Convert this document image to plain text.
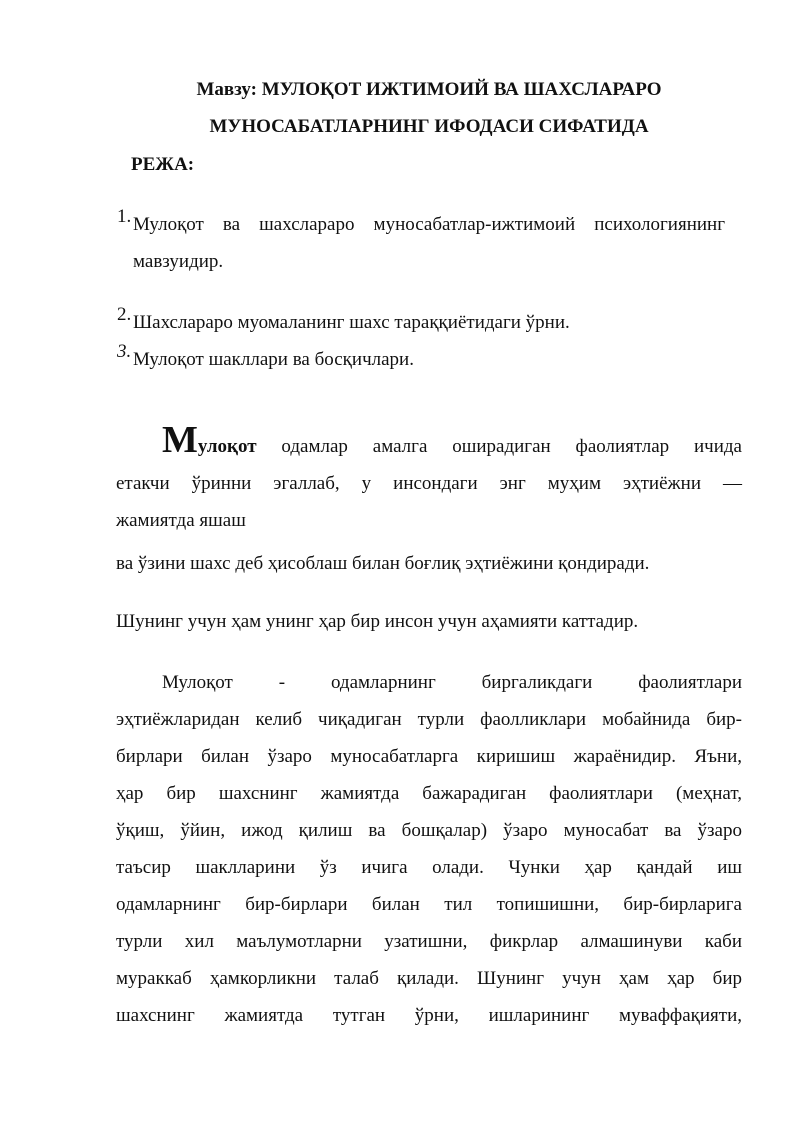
Мавзу: МУЛОҚОТ ИЖТИМОИЙ ВА ШАХСЛАРАРО
МУНОСАБАТЛАРНИНГ ИФОДАСИ СИФАТИДА
РЕЖА:
1. Мулоқот ва шахслараро муносабатлар-ижтимоий психологиянинг мавзуидир.
2. Шахслараро муомаланинг шахс тараққиётидаги ўрни.
3. Мулоқот шакллари ва босқичлари.
Мулоқот одамлар амалга оширадиган фаолиятлар ичида
етакчи ўринни эгаллаб, у инсондаги энг муҳим эҳтиёжни —
жамиятда яшаш
ва ўзини шахс деб ҳисоблаш билан боғлиқ эҳтиёжини қондиради.
Шунинг учун ҳам унинг ҳар бир инсон учун аҳамияти каттадир.
Мулоқот - одамларнинг биргаликдаги фаолиятлари
эҳтиёжларидан келиб чиқадиган турли фаолликлари мобайнида бир-
бирлари билан ўзаро муносабатларга киришиш жараёнидир. Яъни,
ҳар бир шахснинг жамиятда бажарадиган фаолиятлари (меҳнат,
ўқиш, ўйин, ижод қилиш ва бошқалар) ўзаро муносабат ва ўзаро
таъсир шаклларини ўз ичига олади. Чунки ҳар қандай иш
одамларнинг бир-бирлари билан тил топишишни, бир-бирларига
турли хил маълумотларни узатишни, фикрлар алмашинуви каби
мураккаб ҳамкорликни талаб қилади. Шунинг учун ҳам ҳар бир
шахснинг жамиятда тутган ўрни, ишларининг муваффақияти,
